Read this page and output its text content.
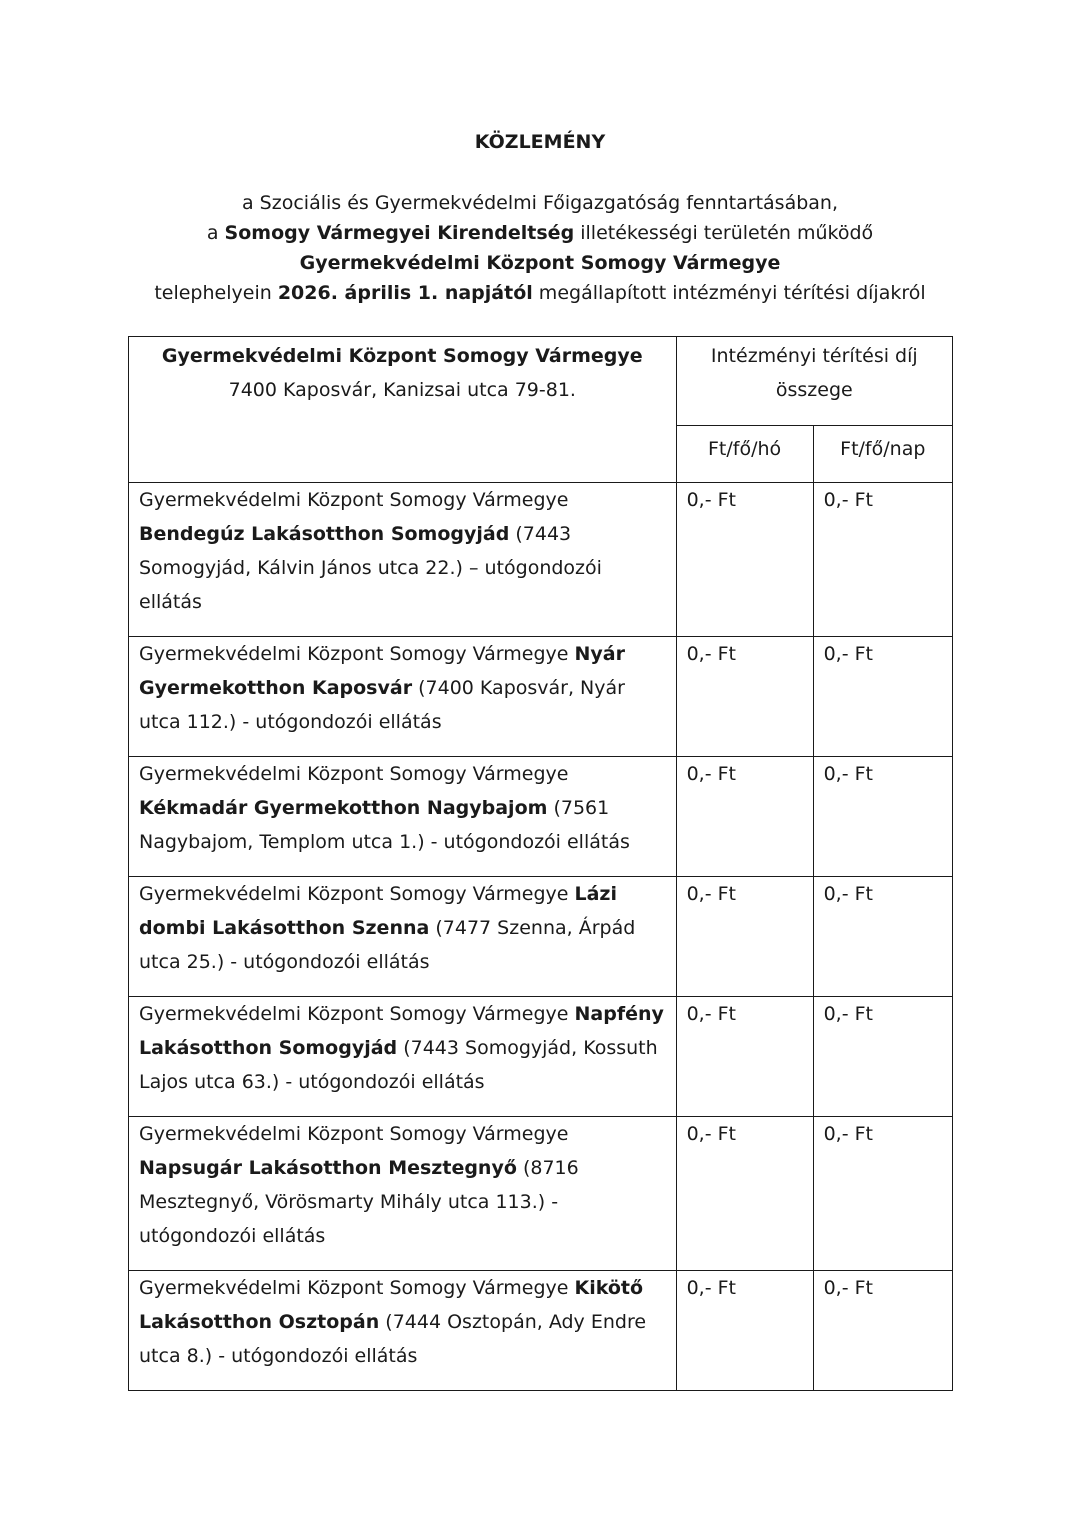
KÖZLEMÉNY
a Szociális és Gyermekvédelmi Főigazgatóság fenntartásában,
a Somogy Vármegyei Kirendeltség illetékességi területén működő
Gyermekvédelmi Központ Somogy Vármegye
telephelyein 2026. április 1. napjától megállapított intézményi térítési díjakról
Gyermekvédelmi Központ Somogy Vármegye
7400 Kaposvár, Kanizsai utca 79-81.	Intézményi térítési díj összege	
	Ft/fő/hó	Ft/fő/nap
Gyermekvédelmi Központ Somogy Vármegye Bendegúz Lakásotthon Somogyjád (7443 Somogyjád, Kálvin János utca 22.) – utógondozói ellátás	0,- Ft	0,- Ft
Gyermekvédelmi Központ Somogy Vármegye Nyár Gyermekotthon Kaposvár (7400 Kaposvár, Nyár utca 112.) - utógondozói ellátás	0,- Ft	0,- Ft
Gyermekvédelmi Központ Somogy Vármegye Kékmadár Gyermekotthon Nagybajom (7561 Nagybajom, Templom utca 1.) - utógondozói ellátás	0,- Ft	0,- Ft
Gyermekvédelmi Központ Somogy Vármegye Lázi dombi Lakásotthon Szenna (7477 Szenna, Árpád utca 25.) - utógondozói ellátás	0,- Ft	0,- Ft
Gyermekvédelmi Központ Somogy Vármegye Napfény Lakásotthon Somogyjád (7443 Somogyjád, Kossuth Lajos utca 63.) - utógondozói ellátás	0,- Ft	0,- Ft
Gyermekvédelmi Központ Somogy Vármegye Napsugár Lakásotthon Mesztegnyő (8716 Mesztegnyő, Vörösmarty Mihály utca 113.) - utógondozói ellátás	0,- Ft	0,- Ft
Gyermekvédelmi Központ Somogy Vármegye Kikötő Lakásotthon Osztopán (7444 Osztopán, Ady Endre utca 8.) - utógondozói ellátás	0,- Ft	0,- Ft
